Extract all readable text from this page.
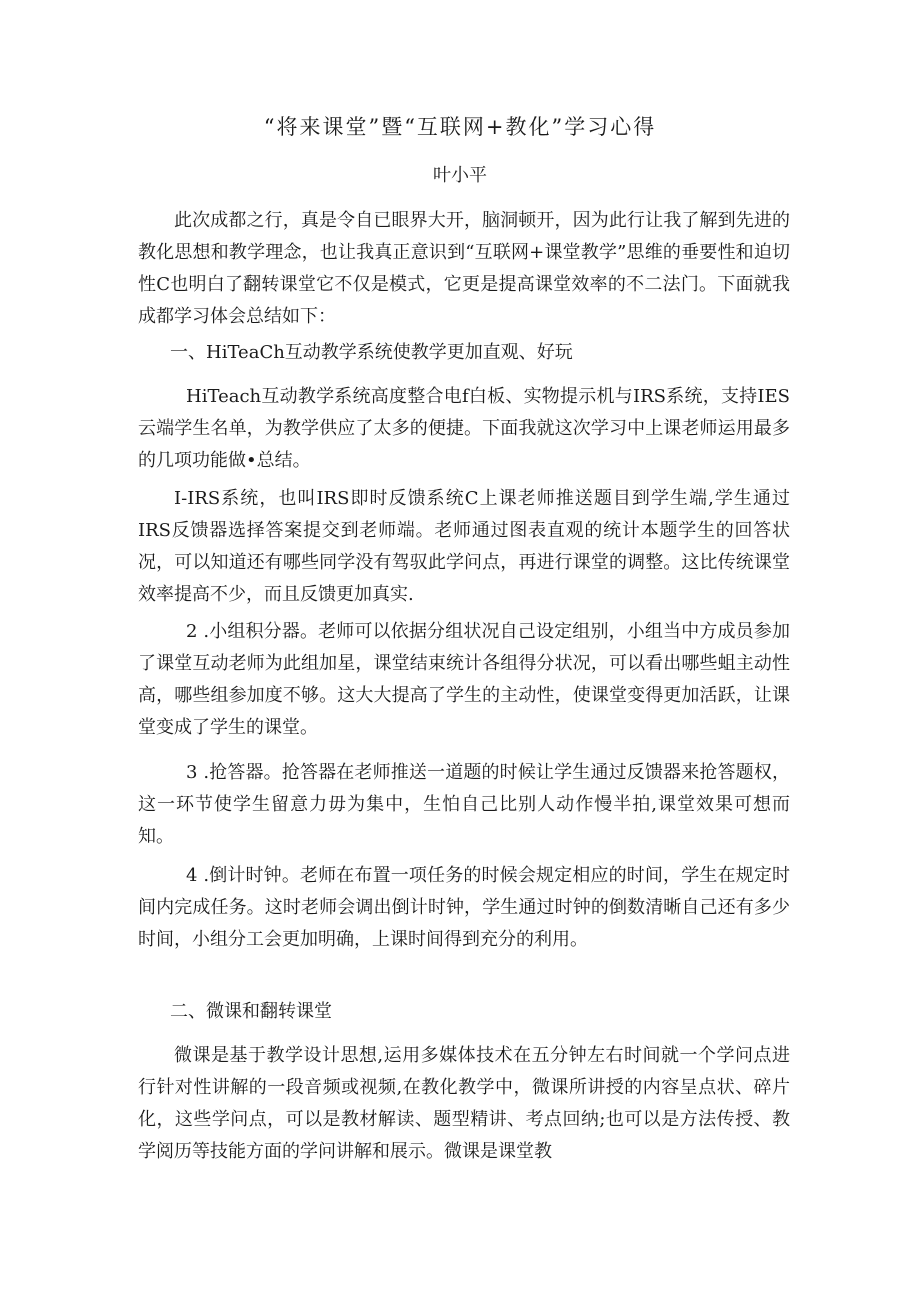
“将来课堂”暨“互联网+教化”学习心得
叶小平

此次成都之行，真是令自已眼界大开，脑洞顿开，因为此行让我了解到先进的教化思想和教学理念，也让我真正意识到“互联网+课堂教学”思维的垂要性和迫切性C也明白了翻转课堂它不仅是模式，它更是提高课堂效率的不二法门。下面就我成都学习体会总结如下：

一、HiTeaCh互动教学系统使教学更加直观、好玩

HiTeach互动教学系统高度整合电f白板、实物提示机与IRS系统，支持IES云端学生名单，为教学供应了太多的便捷。下面我就这次学习中上课老师运用最多的几项功能做•总结。

I-IRS系统，也叫IRS即时反馈系统C上课老师推送题目到学生端,学生通过IRS反馈器选择答案提交到老师端。老师通过图表直观的统计本题学生的回答状况，可以知道还有哪些同学没有驾驭此学问点，再进行课堂的调整。这比传统课堂效率提高不少，而且反馈更加真实.

2 .小组积分器。老师可以依据分组状况自己设定组别，小组当中方成员参加了课堂互动老师为此组加星，课堂结束统计各组得分状况，可以看出哪些蛆主动性高，哪些组参加度不够。这大大提高了学生的主动性，使课堂变得更加活跃，让课堂变成了学生的课堂。

3 .抢答器。抢答器在老师推送一道题的时候让学生通过反馈器来抢答题权，这一环节使学生留意力毋为集中，生怕自己比别人动作慢半拍,课堂效果可想而知。

4 .倒计时钟。老师在布置一项任务的时候会规定相应的时间，学生在规定时间内完成任务。这时老师会调出倒计时钟，学生通过时钟的倒数清晰自己还有多少时间，小组分工会更加明确，上课时间得到充分的利用。

二、微课和翻转课堂

微课是基于教学设计思想,运用多媒体技术在五分钟左右时间就一个学问点进行针对性讲解的一段音频或视频,在教化教学中，微课所讲授的内容呈点状、碎片化，这些学问点，可以是教材解读、题型精讲、考点回纳;也可以是方法传授、教学阅历等技能方面的学问讲解和展示。微课是课堂教
